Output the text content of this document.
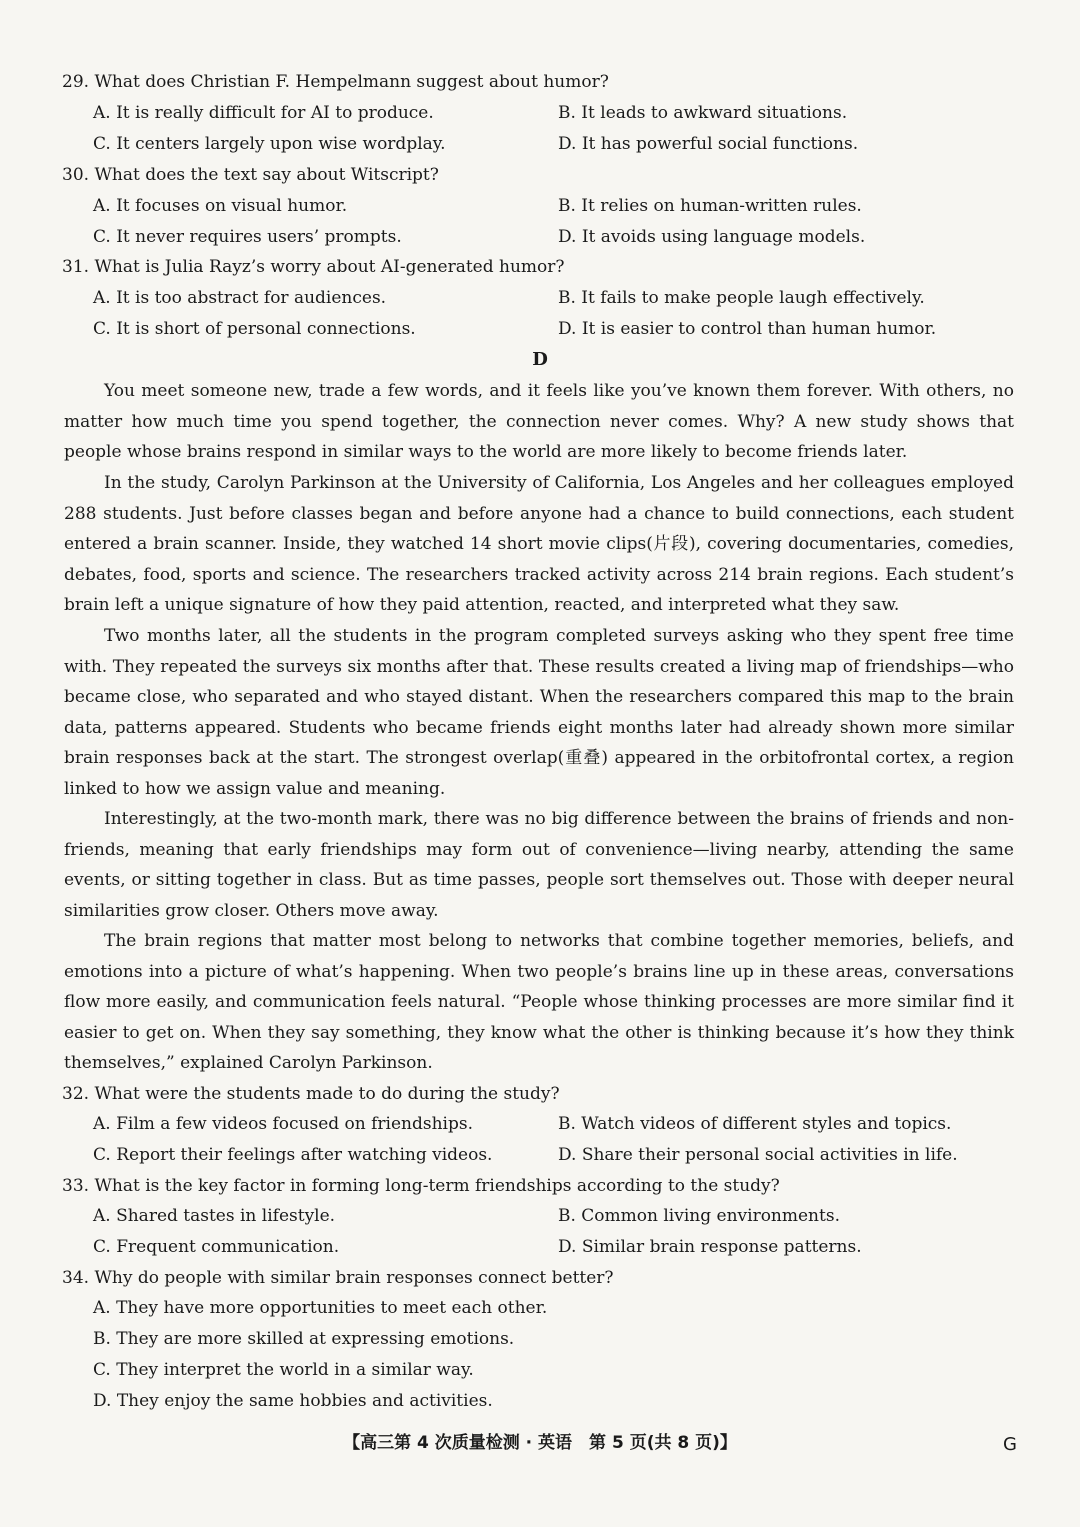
29. What does Christian F. Hempelmann suggest about humor?
A. It is really difficult for AI to produce.	B. It leads to awkward situations.
C. It centers largely upon wise wordplay.	D. It has powerful social functions.
30. What does the text say about Witscript?
A. It focuses on visual humor.	B. It relies on human-written rules.
C. It never requires users’ prompts.	D. It avoids using language models.
31. What is Julia Rayz’s worry about AI-generated humor?
A. It is too abstract for audiences.	B. It fails to make people laugh effectively.
C. It is short of personal connections.	D. It is easier to control than human humor.
D
You meet someone new, trade a few words, and it feels like you’ve known them forever. With others, no matter how much time you spend together, the connection never comes. Why? A new study shows that people whose brains respond in similar ways to the world are more likely to become friends later.
In the study, Carolyn Parkinson at the University of California, Los Angeles and her colleagues employed 288 students. Just before classes began and before anyone had a chance to build connections, each student entered a brain scanner. Inside, they watched 14 short movie clips(片段), covering documentaries, comedies, debates, food, sports and science. The researchers tracked activity across 214 brain regions. Each student’s brain left a unique signature of how they paid attention, reacted, and interpreted what they saw.
Two months later, all the students in the program completed surveys asking who they spent free time with. They repeated the surveys six months after that. These results created a living map of friendships—who became close, who separated and who stayed distant. When the researchers compared this map to the brain data, patterns appeared. Students who became friends eight months later had already shown more similar brain responses back at the start. The strongest overlap(重叠) appeared in the orbitofrontal cortex, a region linked to how we assign value and meaning.
Interestingly, at the two-month mark, there was no big difference between the brains of friends and non-friends, meaning that early friendships may form out of convenience—living nearby, attending the same events, or sitting together in class. But as time passes, people sort themselves out. Those with deeper neural similarities grow closer. Others move away.
The brain regions that matter most belong to networks that combine together memories, beliefs, and emotions into a picture of what’s happening. When two people’s brains line up in these areas, conversations flow more easily, and communication feels natural. “People whose thinking processes are more similar find it easier to get on. When they say something, they know what the other is thinking because it’s how they think themselves,” explained Carolyn Parkinson.
32. What were the students made to do during the study?
A. Film a few videos focused on friendships.	B. Watch videos of different styles and topics.
C. Report their feelings after watching videos.	D. Share their personal social activities in life.
33. What is the key factor in forming long-term friendships according to the study?
A. Shared tastes in lifestyle.	B. Common living environments.
C. Frequent communication.	D. Similar brain response patterns.
34. Why do people with similar brain responses connect better?
A. They have more opportunities to meet each other.
B. They are more skilled at expressing emotions.
C. They interpret the world in a similar way.
D. They enjoy the same hobbies and activities.
【高三第 4 次质量检测 · 英语　第 5 页(共 8 页)】	G
